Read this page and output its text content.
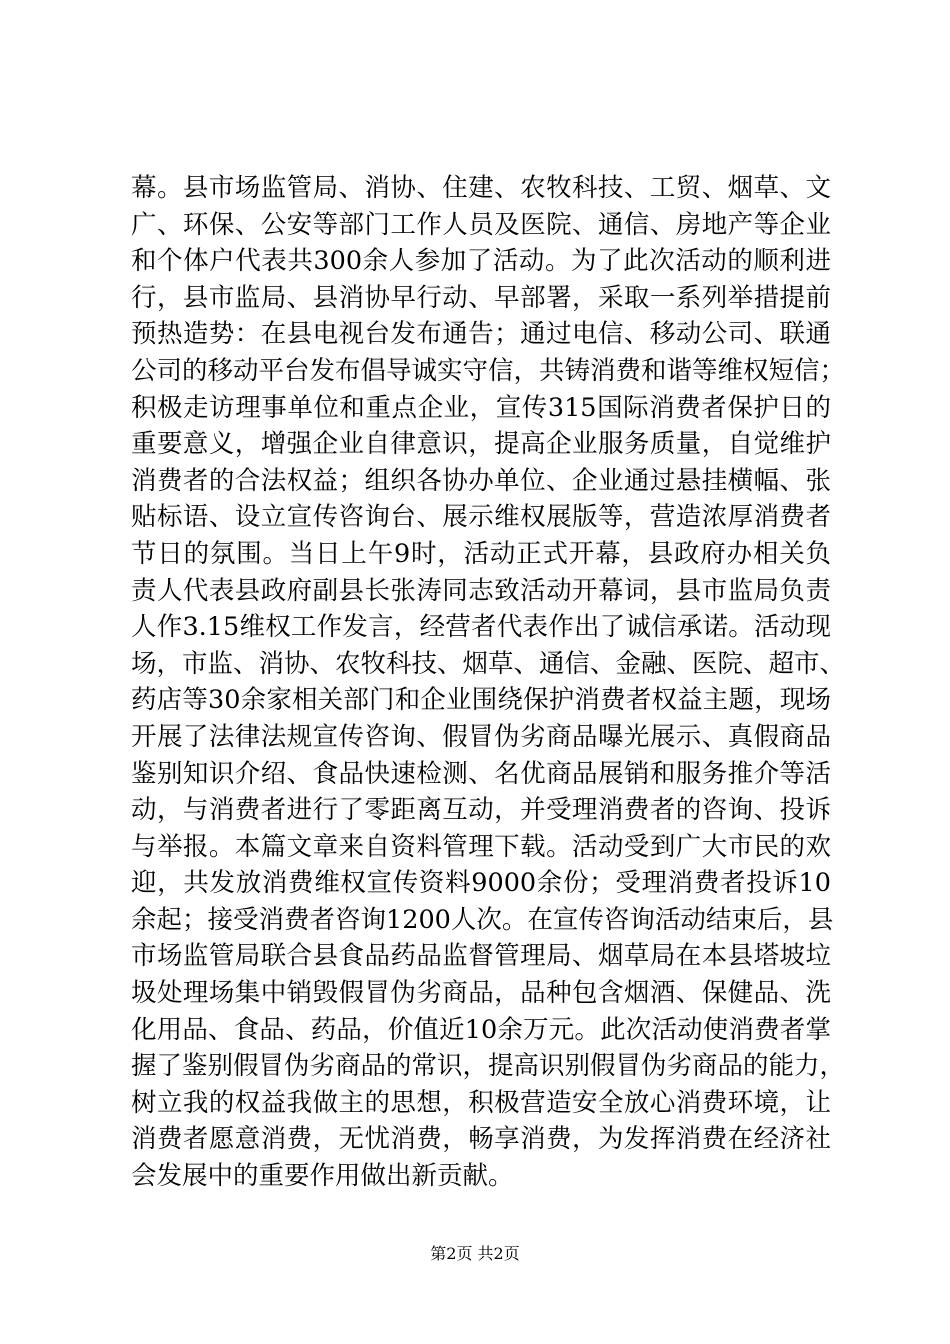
幕。县市场监管局、消协、住建、农牧科技、工贸、烟草、文
广、环保、公安等部门工作人员及医院、通信、房地产等企业
和个体户代表共300余人参加了活动。为了此次活动的顺利进
行，县市监局、县消协早行动、早部署，采取一系列举措提前
预热造势：在县电视台发布通告；通过电信、移动公司、联通
公司的移动平台发布倡导诚实守信，共铸消费和谐等维权短信；
积极走访理事单位和重点企业，宣传315国际消费者保护日的
重要意义，增强企业自律意识，提高企业服务质量，自觉维护
消费者的合法权益；组织各协办单位、企业通过悬挂横幅、张
贴标语、设立宣传咨询台、展示维权展版等，营造浓厚消费者
节日的氛围。当日上午9时，活动正式开幕，县政府办相关负
责人代表县政府副县长张涛同志致活动开幕词，县市监局负责
人作3.15维权工作发言，经营者代表作出了诚信承诺。活动现
场，市监、消协、农牧科技、烟草、通信、金融、医院、超市、
药店等30余家相关部门和企业围绕保护消费者权益主题，现场
开展了法律法规宣传咨询、假冒伪劣商品曝光展示、真假商品
鉴别知识介绍、食品快速检测、名优商品展销和服务推介等活
动，与消费者进行了零距离互动，并受理消费者的咨询、投诉
与举报。本篇文章来自资料管理下载。活动受到广大市民的欢
迎，共发放消费维权宣传资料9000余份；受理消费者投诉10
余起；接受消费者咨询1200人次。在宣传咨询活动结束后，县
市场监管局联合县食品药品监督管理局、烟草局在本县塔坡垃
圾处理场集中销毁假冒伪劣商品，品种包含烟酒、保健品、洗
化用品、食品、药品，价值近10余万元。此次活动使消费者掌
握了鉴别假冒伪劣商品的常识，提高识别假冒伪劣商品的能力，
树立我的权益我做主的思想，积极营造安全放心消费环境，让
消费者愿意消费，无忧消费，畅享消费，为发挥消费在经济社
会发展中的重要作用做出新贡献。
第2页 共2页
